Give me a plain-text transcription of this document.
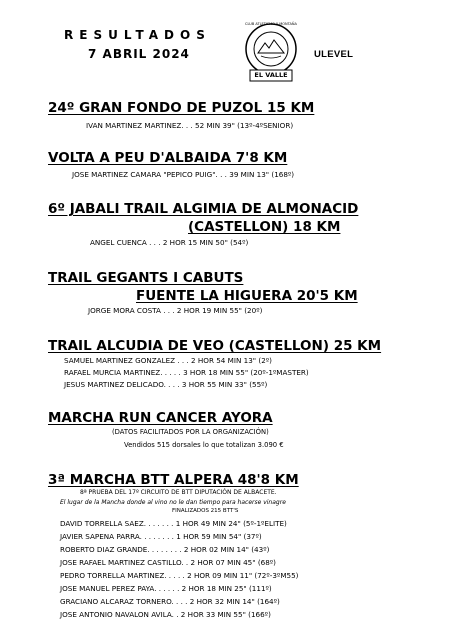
RESULTADOS
7 ABRIL 2024
CLUB ATLETISMO Y MONTAÑA
EL VALLE
ULEVEL
24º GRAN FONDO DE PUZOL 15 KM
IVAN MARTINEZ MARTINEZ. . . 52 MIN 39" (13º-4ºSENIOR)
VOLTA A PEU D'ALBAIDA 7'8 KM
JOSE MARTINEZ CAMARA "PEPICO PUIG". . . 39 MIN 13" (168º)
6º JABALI TRAIL ALGIMIA DE ALMONACID
(CASTELLON) 18 KM
ANGEL CUENCA . . . 2 HOR 15 MIN 50" (54º)
TRAIL GEGANTS I CABUTS
FUENTE LA HIGUERA 20'5 KM
JORGE MORA COSTA . . . 2 HOR 19 MIN 55" (20º)
TRAIL ALCUDIA DE VEO (CASTELLON) 25 KM
SAMUEL MARTINEZ GONZALEZ . . . 2 HOR 54 MIN 13" (2º)
RAFAEL MURCIA MARTINEZ. . . . . 3 HOR 18 MIN 55" (20º-1ºMASTER)
JESUS MARTINEZ DELICADO. . . . 3 HOR 55 MIN 33" (55º)
MARCHA RUN CANCER AYORA
(DATOS FACILITADOS POR LA ORGANIZACIÓN)
Vendidos 515 dorsales lo que totalizan 3.090 €
3ª MARCHA BTT ALPERA 48'8 KM
8ª PRUEBA DEL 17º CIRCUITO DE BTT DIPUTACIÓN DE ALBACETE.
El lugar de la Mancha donde al vino no le dan tiempo para hacerse vinagre
FINALIZADOS 215 BTT'S
DAVID TORRELLA SAEZ. . . . . . . 1 HOR 49 MIN 24" (5º-1ºELITE)
JAVIER SAPENA PARRA. . . . . . . . 1 HOR 59 MIN 54" (37º)
ROBERTO DIAZ GRANDE. . . . . . . . 2 HOR 02 MIN 14" (43º)
JOSE RAFAEL MARTINEZ CASTILLO. . 2 HOR 07 MIN 45" (68º)
PEDRO TORRELLA MARTINEZ. . . . . 2 HOR 09 MIN 11" (72º-3ºM55)
JOSE MANUEL PEREZ PAYA. . . . . . 2 HOR 18 MIN 25" (111º)
GRACIANO ALCARAZ TORNERO. . . . 2 HOR 32 MIN 14" (164º)
JOSE ANTONIO NAVALON AVILA. . 2 HOR 33 MIN 55" (166º)
